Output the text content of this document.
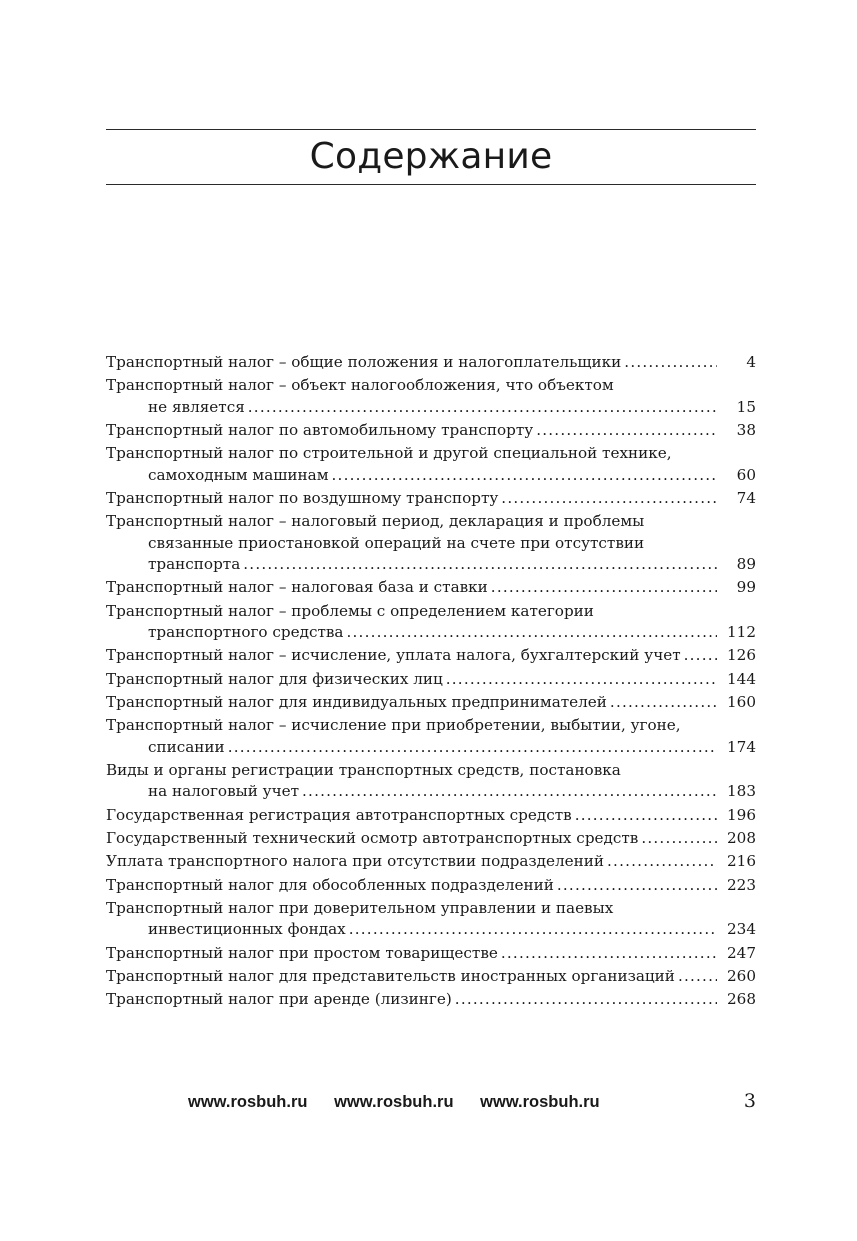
Содержание
Транспортный налог – общие положения и налогоплательщики .....	4
Транспортный налог – объект налогообложения, что объектом
не является .....	15
Транспортный налог по автомобильному транспорту .....	38
Транспортный налог по строительной и другой специальной технике,
самоходным машинам .....	60
Транспортный налог по воздушному транспорту .....	74
Транспортный налог – налоговый период, декларация и проблемы
связанные приостановкой операций на счете при отсутствии
транспорта .....	89
Транспортный налог – налоговая база и ставки .....	99
Транспортный налог – проблемы с определением категории
транспортного средства .....	112
Транспортный налог – исчисление, уплата налога, бухгалтерский учет .....	126
Транспортный налог для физических лиц .....	144
Транспортный налог для индивидуальных предпринимателей .....	160
Транспортный налог – исчисление при приобретении, выбытии, угоне,
списании .....	174
Виды и органы регистрации транспортных средств, постановка
на налоговый учет .....	183
Государственная регистрация автотранспортных средств .....	196
Государственный технический осмотр автотранспортных средств .....	208
Уплата транспортного налога при отсутствии подразделений .....	216
Транспортный налог для обособленных подразделений .....	223
Транспортный налог при доверительном управлении и паевых
инвестиционных фондах .....	234
Транспортный налог при простом товариществе .....	247
Транспортный налог для представительств иностранных организаций .....	260
Транспортный налог при аренде (лизинге) .....	268
www.rosbuh.ru www.rosbuh.ru www.rosbuh.ru	3
